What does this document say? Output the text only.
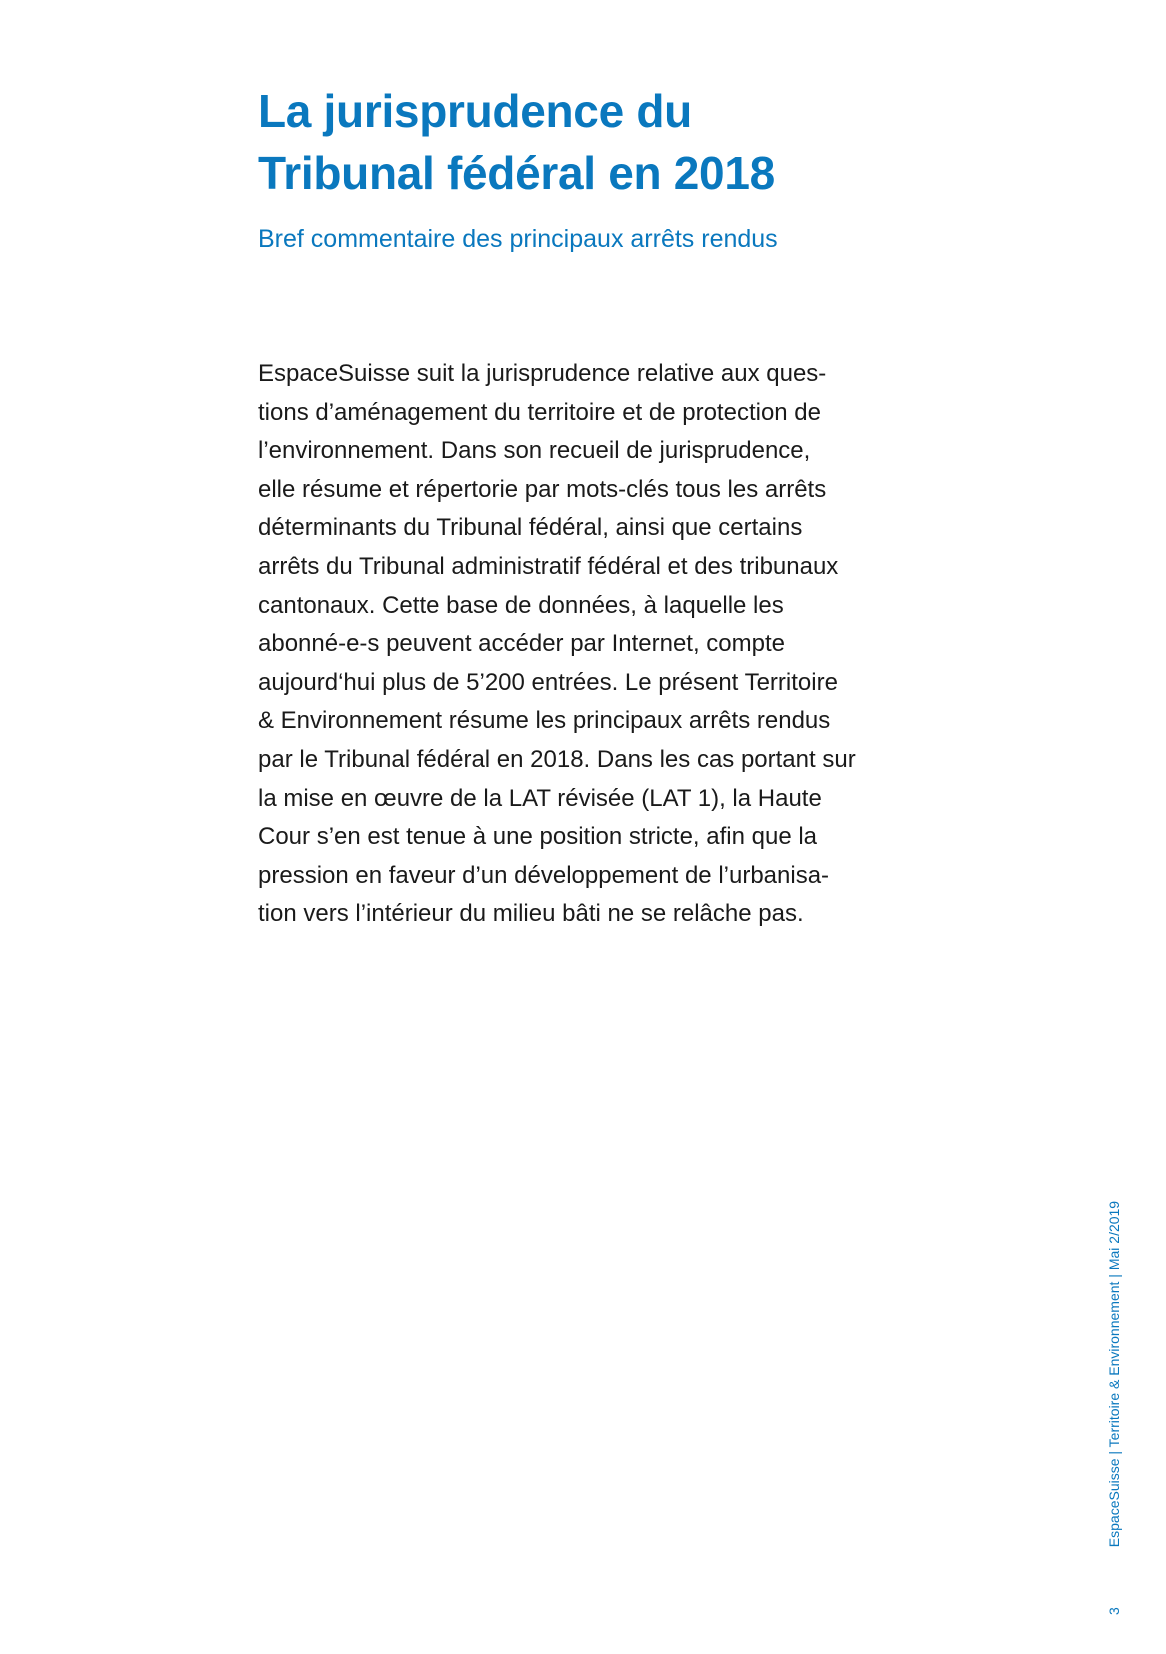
La jurisprudence du
Tribunal fédéral en 2018

Bref commentaire des principaux arrêts rendus

EspaceSuisse suit la jurisprudence relative aux ques-
tions d’aménagement du territoire et de protection de
l’environnement. Dans son recueil de jurisprudence,
elle résume et répertorie par mots-clés tous les arrêts
déterminants du Tribunal fédéral, ainsi que certains
arrêts du Tribunal administratif fédéral et des tribunaux
cantonaux. Cette base de données, à laquelle les
abonné-e-s peuvent accéder par Internet, compte
aujourd‘hui plus de 5’200 entrées. Le présent Territoire
& Environnement résume les principaux arrêts rendus
par le Tribunal fédéral en 2018. Dans les cas portant sur
la mise en œuvre de la LAT révisée (LAT 1), la Haute
Cour s’en est tenue à une position stricte, afin que la
pression en faveur d’un développement de l’urbanisa-
tion vers l’intérieur du milieu bâti ne se relâche pas.
3
EspaceSuisse | Territoire & Environnement | Mai 2/2019
